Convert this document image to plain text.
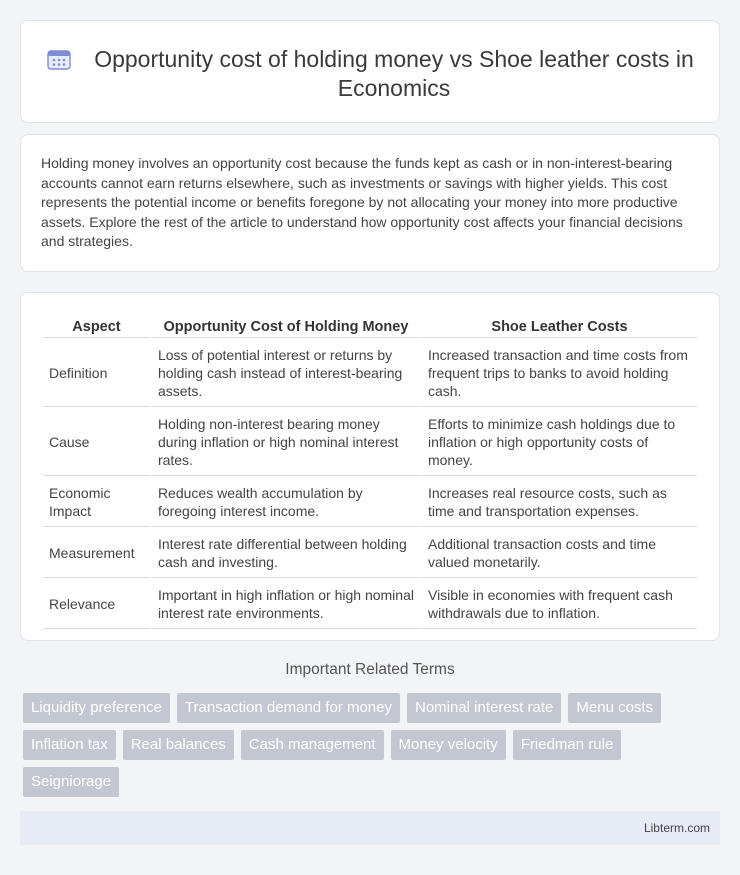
Opportunity cost of holding money vs Shoe leather costs in Economics

Holding money involves an opportunity cost because the funds kept as cash or in non-interest-bearing accounts cannot earn returns elsewhere, such as investments or savings with higher yields. This cost represents the potential income or benefits foregone by not allocating your money into more productive assets. Explore the rest of the article to understand how opportunity cost affects your financial decisions and strategies.

Aspect	Opportunity Cost of Holding Money	Shoe Leather Costs
Definition	Loss of potential interest or returns by holding cash instead of interest-bearing assets.	Increased transaction and time costs from frequent trips to banks to avoid holding cash.
Cause	Holding non-interest bearing money during inflation or high nominal interest rates.	Efforts to minimize cash holdings due to inflation or high opportunity costs of money.
Economic Impact	Reduces wealth accumulation by foregoing interest income.	Increases real resource costs, such as time and transportation expenses.
Measurement	Interest rate differential between holding cash and investing.	Additional transaction costs and time valued monetarily.
Relevance	Important in high inflation or high nominal interest rate environments.	Visible in economies with frequent cash withdrawals due to inflation.
Important Related Terms
Liquidity preference	Transaction demand for money	Nominal interest rate	Menu costs
Inflation tax	Real balances	Cash management	Money velocity	Friedman rule
Seigniorage
Libterm.com
